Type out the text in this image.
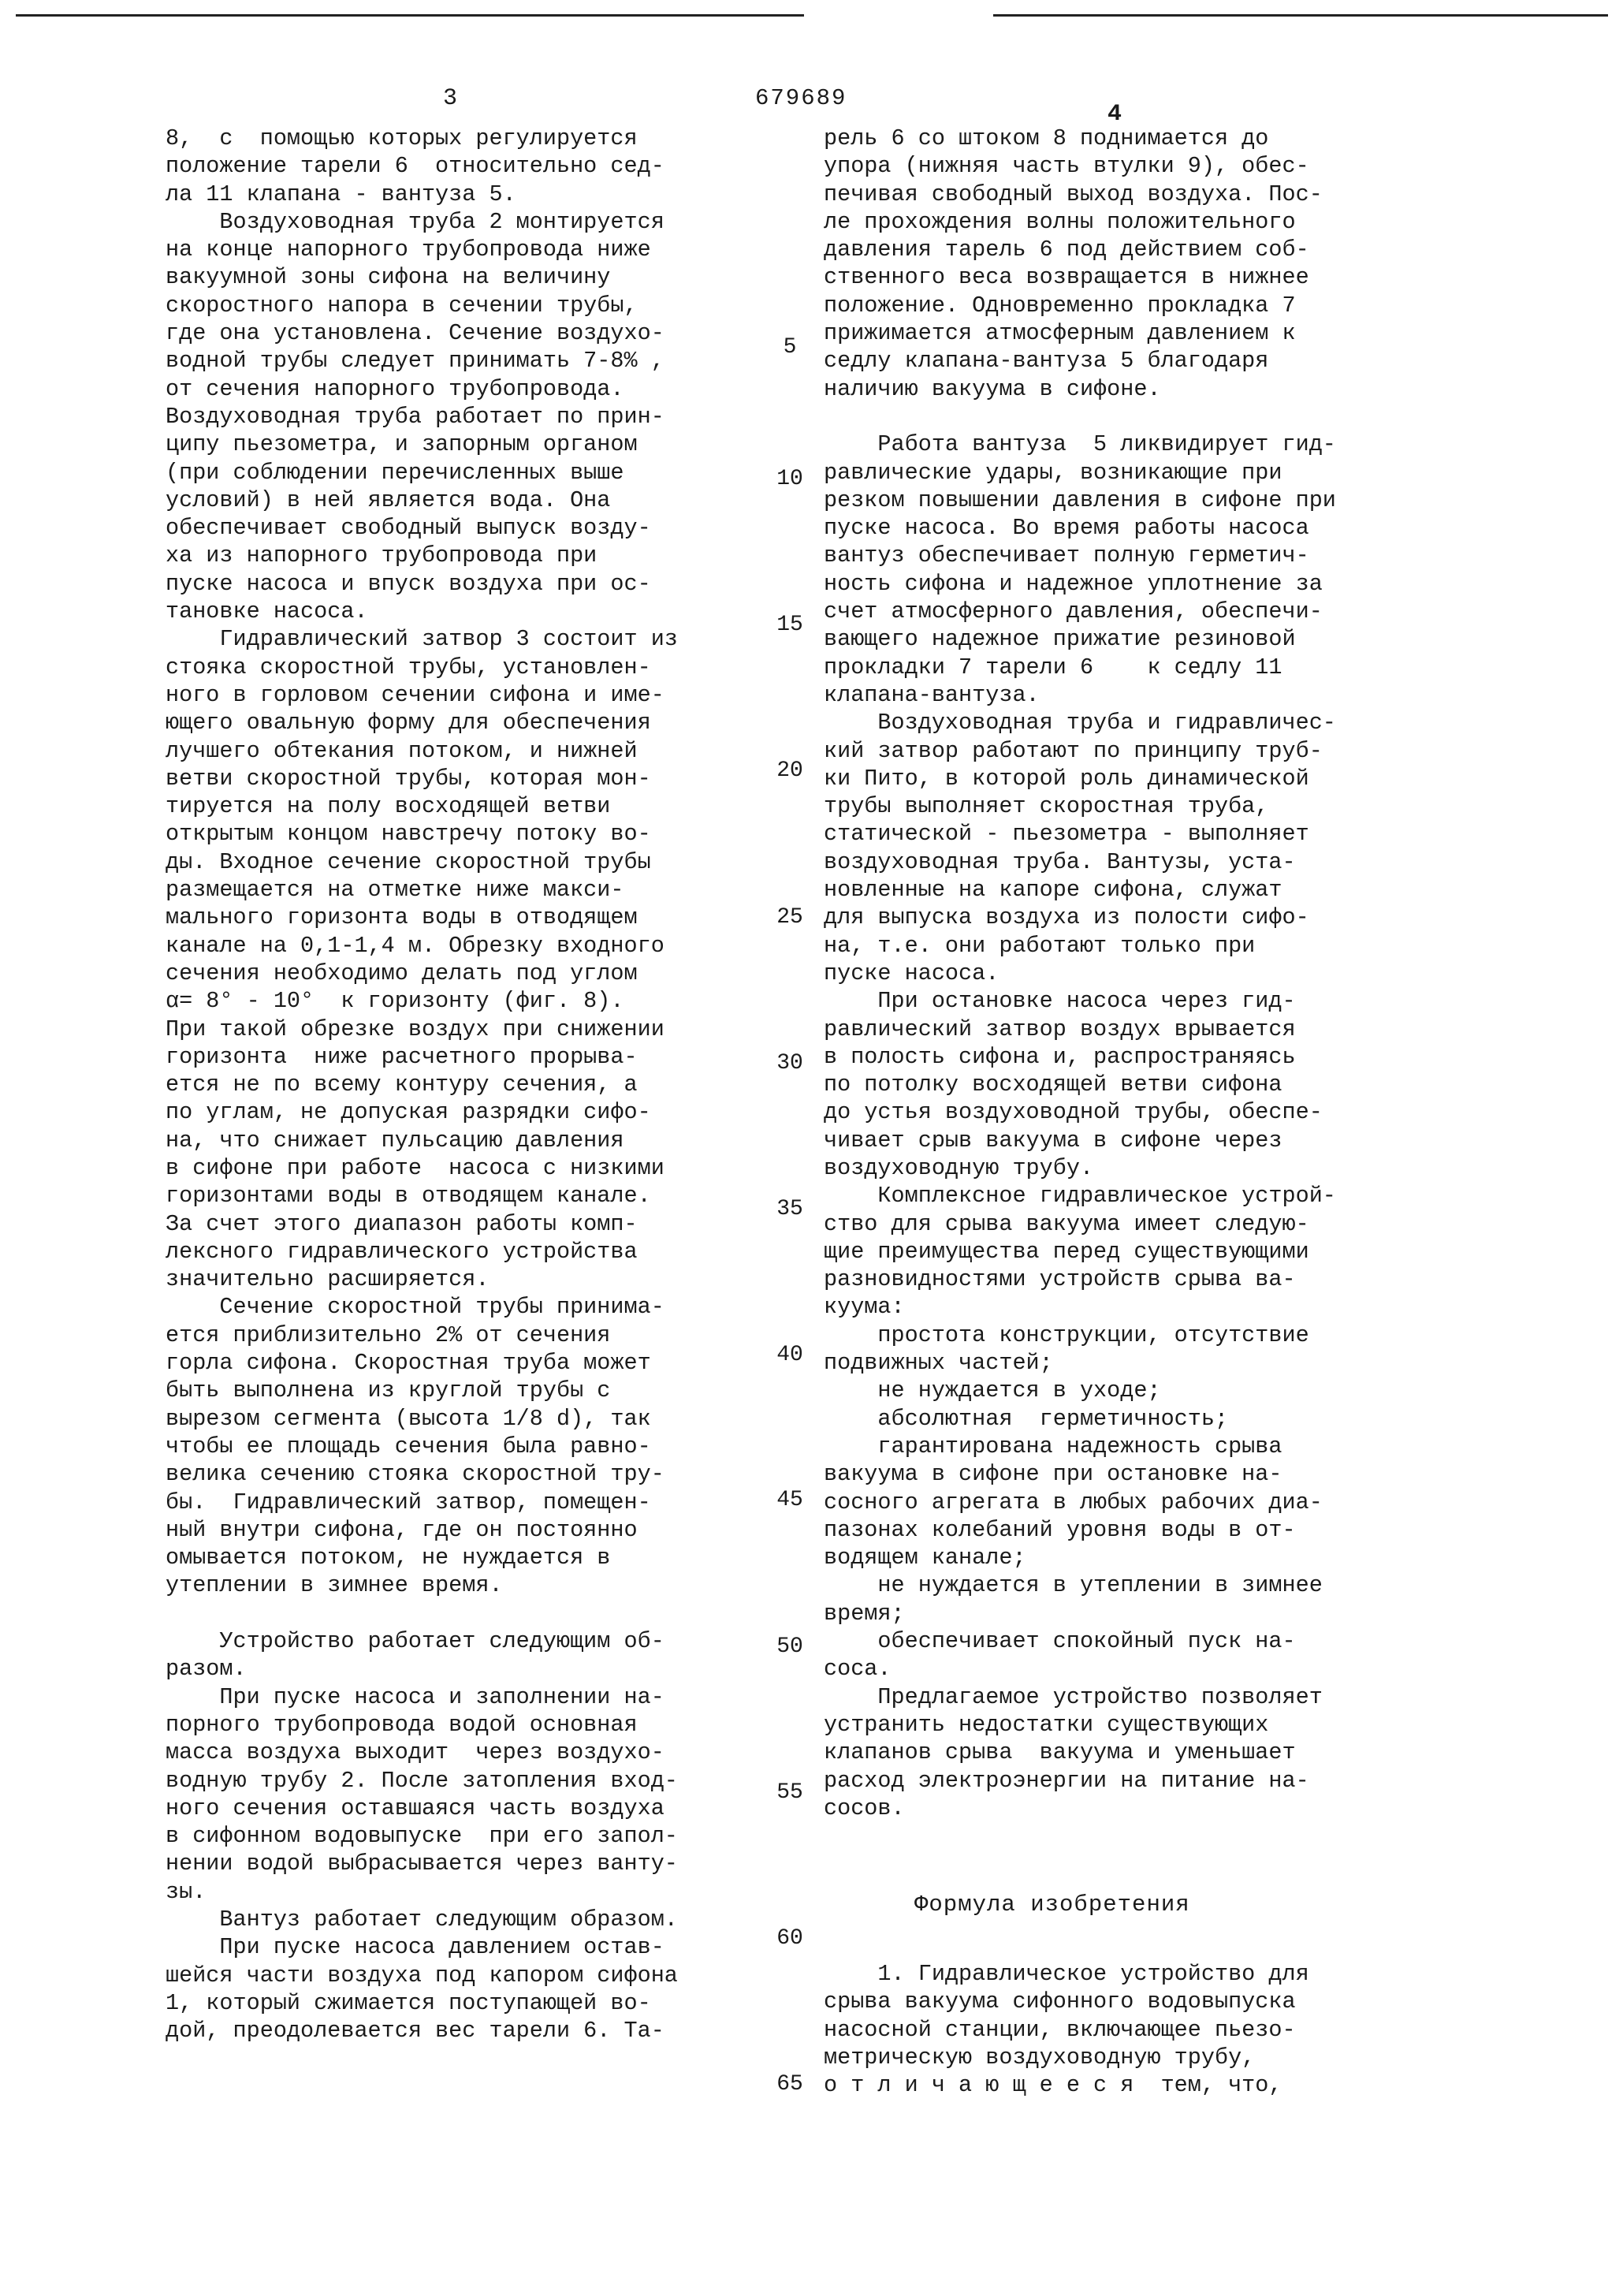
3	679689
4

8,  с  помощью которых регулируется

положение тарели 6  относительно сед-

ла 11 клапана - вантуза 5.

Воздуховодная труба 2 монтируется

на конце напорного трубопровода ниже

вакуумной зоны сифона на величину

скоростного напора в сечении трубы,

где она установлена. Сечение воздухо-

водной трубы следует принимать 7-8% ,

от сечения напорного трубопровода.

Воздуховодная труба работает по прин-

ципу пьезометра, и запорным органом

(при соблюдении перечисленных выше

условий) в ней является вода. Она

обеспечивает свободный выпуск возду-

ха из напорного трубопровода при

пуске насоса и впуск воздуха при ос-

тановке насоса.

Гидравлический затвор 3 состоит из

стояка скоростной трубы, установлен-

ного в горловом сечении сифона и име-

ющего овальную форму для обеспечения

лучшего обтекания потоком, и нижней

ветви скоростной трубы, которая мон-

тируется на полу восходящей ветви

открытым концом навстречу потоку во-

ды. Входное сечение скоростной трубы

размещается на отметке ниже макси-

мального горизонта воды в отводящем

канале на 0,1-1,4 м. Обрезку входного

сечения необходимо делать под углом

α= 8° - 10°  к горизонту (фиг. 8).

При такой обрезке воздух при снижении

горизонта  ниже расчетного прорыва-

ется не по всему контуру сечения, а

по углам, не допуская разрядки сифо-

на, что снижает пульсацию давления

в сифоне при работе  насоса с низкими

горизонтами воды в отводящем канале.

За счет этого диапазон работы комп-

лексного гидравлического устройства

значительно расширяется.

Сечение скоростной трубы принима-

ется приблизительно 2% от сечения

горла сифона. Скоростная труба может

быть выполнена из круглой трубы с

вырезом сегмента (высота 1/8 d), так

чтобы ее площадь сечения была равно-

велика сечению стояка скоростной тру-

бы.  Гидравлический затвор, помещен-

ный внутри сифона, где он постоянно

омывается потоком, не нуждается в

утеплении в зимнее время.

Устройство работает следующим об-

разом.

При пуске насоса и заполнении на-

порного трубопровода водой основная

масса воздуха выходит  через воздухо-

водную трубу 2. После затопления вход-

ного сечения оставшаяся часть воздуха

в сифонном водовыпуске  при его запол-

нении водой выбрасывается через ванту-

зы.

Вантуз работает следующим образом.

При пуске насоса давлением остав-

шейся части воздуха под капором сифона

1, который сжимается поступающей во-

дой, преодолевается вес тарели 6. Та-

рель 6 со штоком 8 поднимается до

упора (нижняя часть втулки 9), обес-

печивая свободный выход воздуха. Пос-

ле прохождения волны положительного

давления тарель 6 под действием соб-

ственного веса возвращается в нижнее

положение. Одновременно прокладка 7

прижимается атмосферным давлением к

седлу клапана-вантуза 5 благодаря

наличию вакуума в сифоне.

Работа вантуза  5 ликвидирует гид-

равлические удары, возникающие при

резком повышении давления в сифоне при

пуске насоса. Во время работы насоса

вантуз обеспечивает полную герметич-

ность сифона и надежное уплотнение за

счет атмосферного давления, обеспечи-

вающего надежное прижатие резиновой

прокладки 7 тарели 6    к седлу 11

клапана-вантуза.

Воздуховодная труба и гидравличес-

кий затвор работают по принципу труб-

ки Пито, в которой роль динамической

трубы выполняет скоростная труба,

статической - пьезометра - выполняет

воздуховодная труба. Вантузы, уста-

новленные на капоре сифона, служат

для выпуска воздуха из полости сифо-

на, т.е. они работают только при

пуске насоса.

При остановке насоса через гид-

равлический затвор воздух врывается

в полость сифона и, распространяясь

по потолку восходящей ветви сифона

до устья воздуховодной трубы, обеспе-

чивает срыв вакуума в сифоне через

воздуховодную трубу.

Комплексное гидравлическое устрой-

ство для срыва вакуума имеет следую-

щие преимущества перед существующими

разновидностями устройств срыва ва-

куума:

простота конструкции, отсутствие

подвижных частей;

не нуждается в уходе;

абсолютная  герметичность;

гарантирована надежность срыва

вакуума в сифоне при остановке на-

сосного агрегата в любых рабочих диа-

пазонах колебаний уровня воды в от-

водящем канале;

не нуждается в утеплении в зимнее

время;

обеспечивает спокойный пуск на-

соса.

Предлагаемое устройство позволяет

устранить недостатки существующих

клапанов срыва  вакуума и уменьшает

расход электроэнергии на питание на-

сосов.

Формула изобретения

1. Гидравлическое устройство для

срыва вакуума сифонного водовыпуска

насосной станции, включающее пьезо-

метрическую воздуховодную трубу,

о т л и ч а ю щ е е с я  тем, что,

5
10
15
20
25
30
35
40
45
50
55
60
65
